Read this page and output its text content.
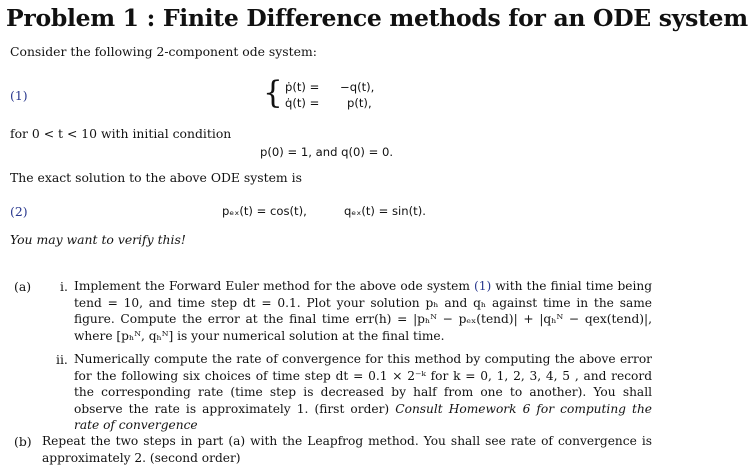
Problem 1 : Finite Difference methods for an ODE system
Consider the following 2-component ode system:
(1)	{ ṗ(t) = −q(t),
q̇(t) = p(t),
for 0 < t < 10 with initial condition
p(0) = 1, and q(0) = 0.
The exact solution to the above ODE system is
(2)	pₑₓ(t) = cos(t),	qₑₓ(t) = sin(t).
You may want to verify this!
(a) i. Implement the Forward Euler method for the above ode system (1) with the finial time being tend = 10, and time step dt = 0.1. Plot your solution pₕ and qₕ against time in the same figure. Compute the error at the final time err(h) = |pₕᴺ − pₑₓ(tend)| + |qₕᴺ − qex(tend)|, where [pₕᴺ, qₕᴺ] is your numerical solution at the final time.
ii. Numerically compute the rate of convergence for this method by computing the above error for the following six choices of time step dt = 0.1 × 2⁻ᵏ for k = 0, 1, 2, 3, 4, 5 , and record the corresponding rate (time step is decreased by half from one to another). You shall observe the rate is approximately 1. (first order) Consult Homework 6 for computing the rate of convergence
(b) Repeat the two steps in part (a) with the Leapfrog method. You shall see rate of convergence is approximately 2. (second order)
